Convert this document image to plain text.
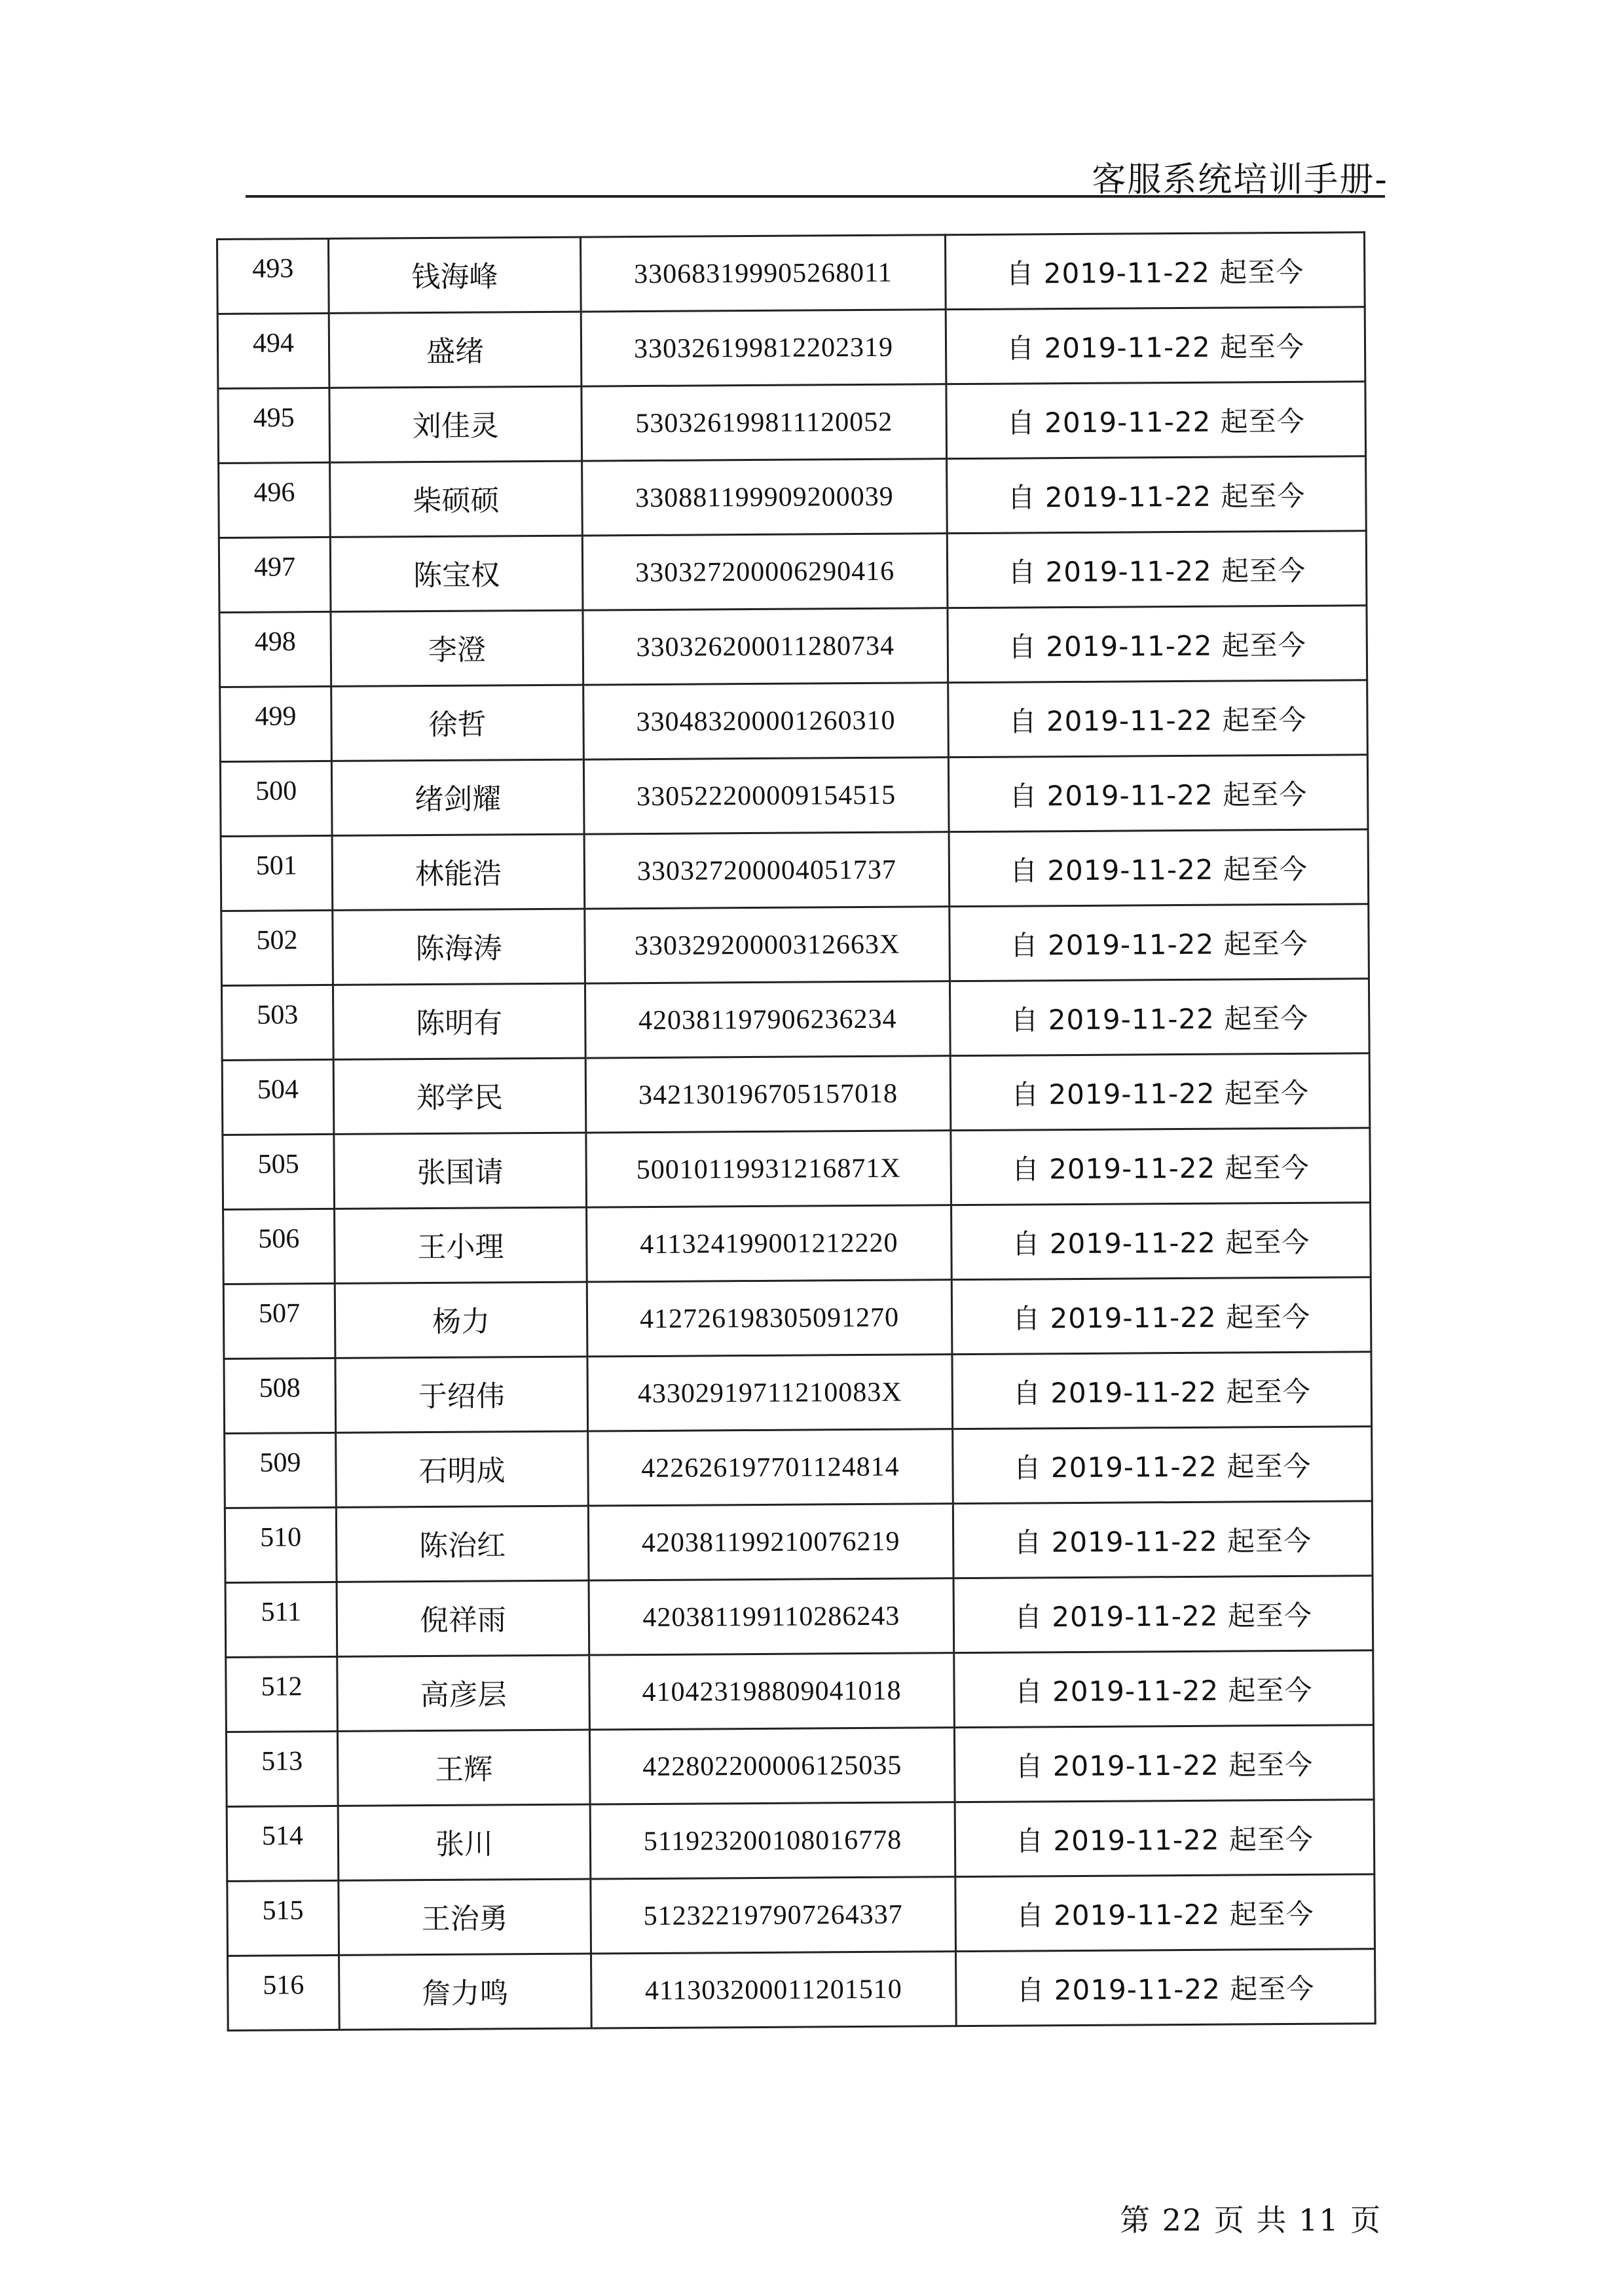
客服系统培训手册-
493	钱海峰	330683199905268011	自 2019-11-22 起至今
494	盛绪	330326199812202319	自 2019-11-22 起至今
495	刘佳灵	530326199811120052	自 2019-11-22 起至今
496	柴硕硕	330881199909200039	自 2019-11-22 起至今
497	陈宝权	330327200006290416	自 2019-11-22 起至今
498	李澄	330326200011280734	自 2019-11-22 起至今
499	徐哲	330483200001260310	自 2019-11-22 起至今
500	绪剑耀	330522200009154515	自 2019-11-22 起至今
501	林能浩	330327200004051737	自 2019-11-22 起至今
502	陈海涛	33032920000312663X	自 2019-11-22 起至今
503	陈明有	420381197906236234	自 2019-11-22 起至今
504	郑学民	342130196705157018	自 2019-11-22 起至今
505	张国请	50010119931216871X	自 2019-11-22 起至今
506	王小理	411324199001212220	自 2019-11-22 起至今
507	杨力	412726198305091270	自 2019-11-22 起至今
508	于绍伟	43302919711210083X	自 2019-11-22 起至今
509	石明成	422626197701124814	自 2019-11-22 起至今
510	陈治红	420381199210076219	自 2019-11-22 起至今
511	倪祥雨	420381199110286243	自 2019-11-22 起至今
512	高彦层	410423198809041018	自 2019-11-22 起至今
513	王辉	422802200006125035	自 2019-11-22 起至今
514	张川	511923200108016778	自 2019-11-22 起至今
515	王治勇	512322197907264337	自 2019-11-22 起至今
516	詹力鸣	411303200011201510	自 2019-11-22 起至今
第 22 页 共 11 页
